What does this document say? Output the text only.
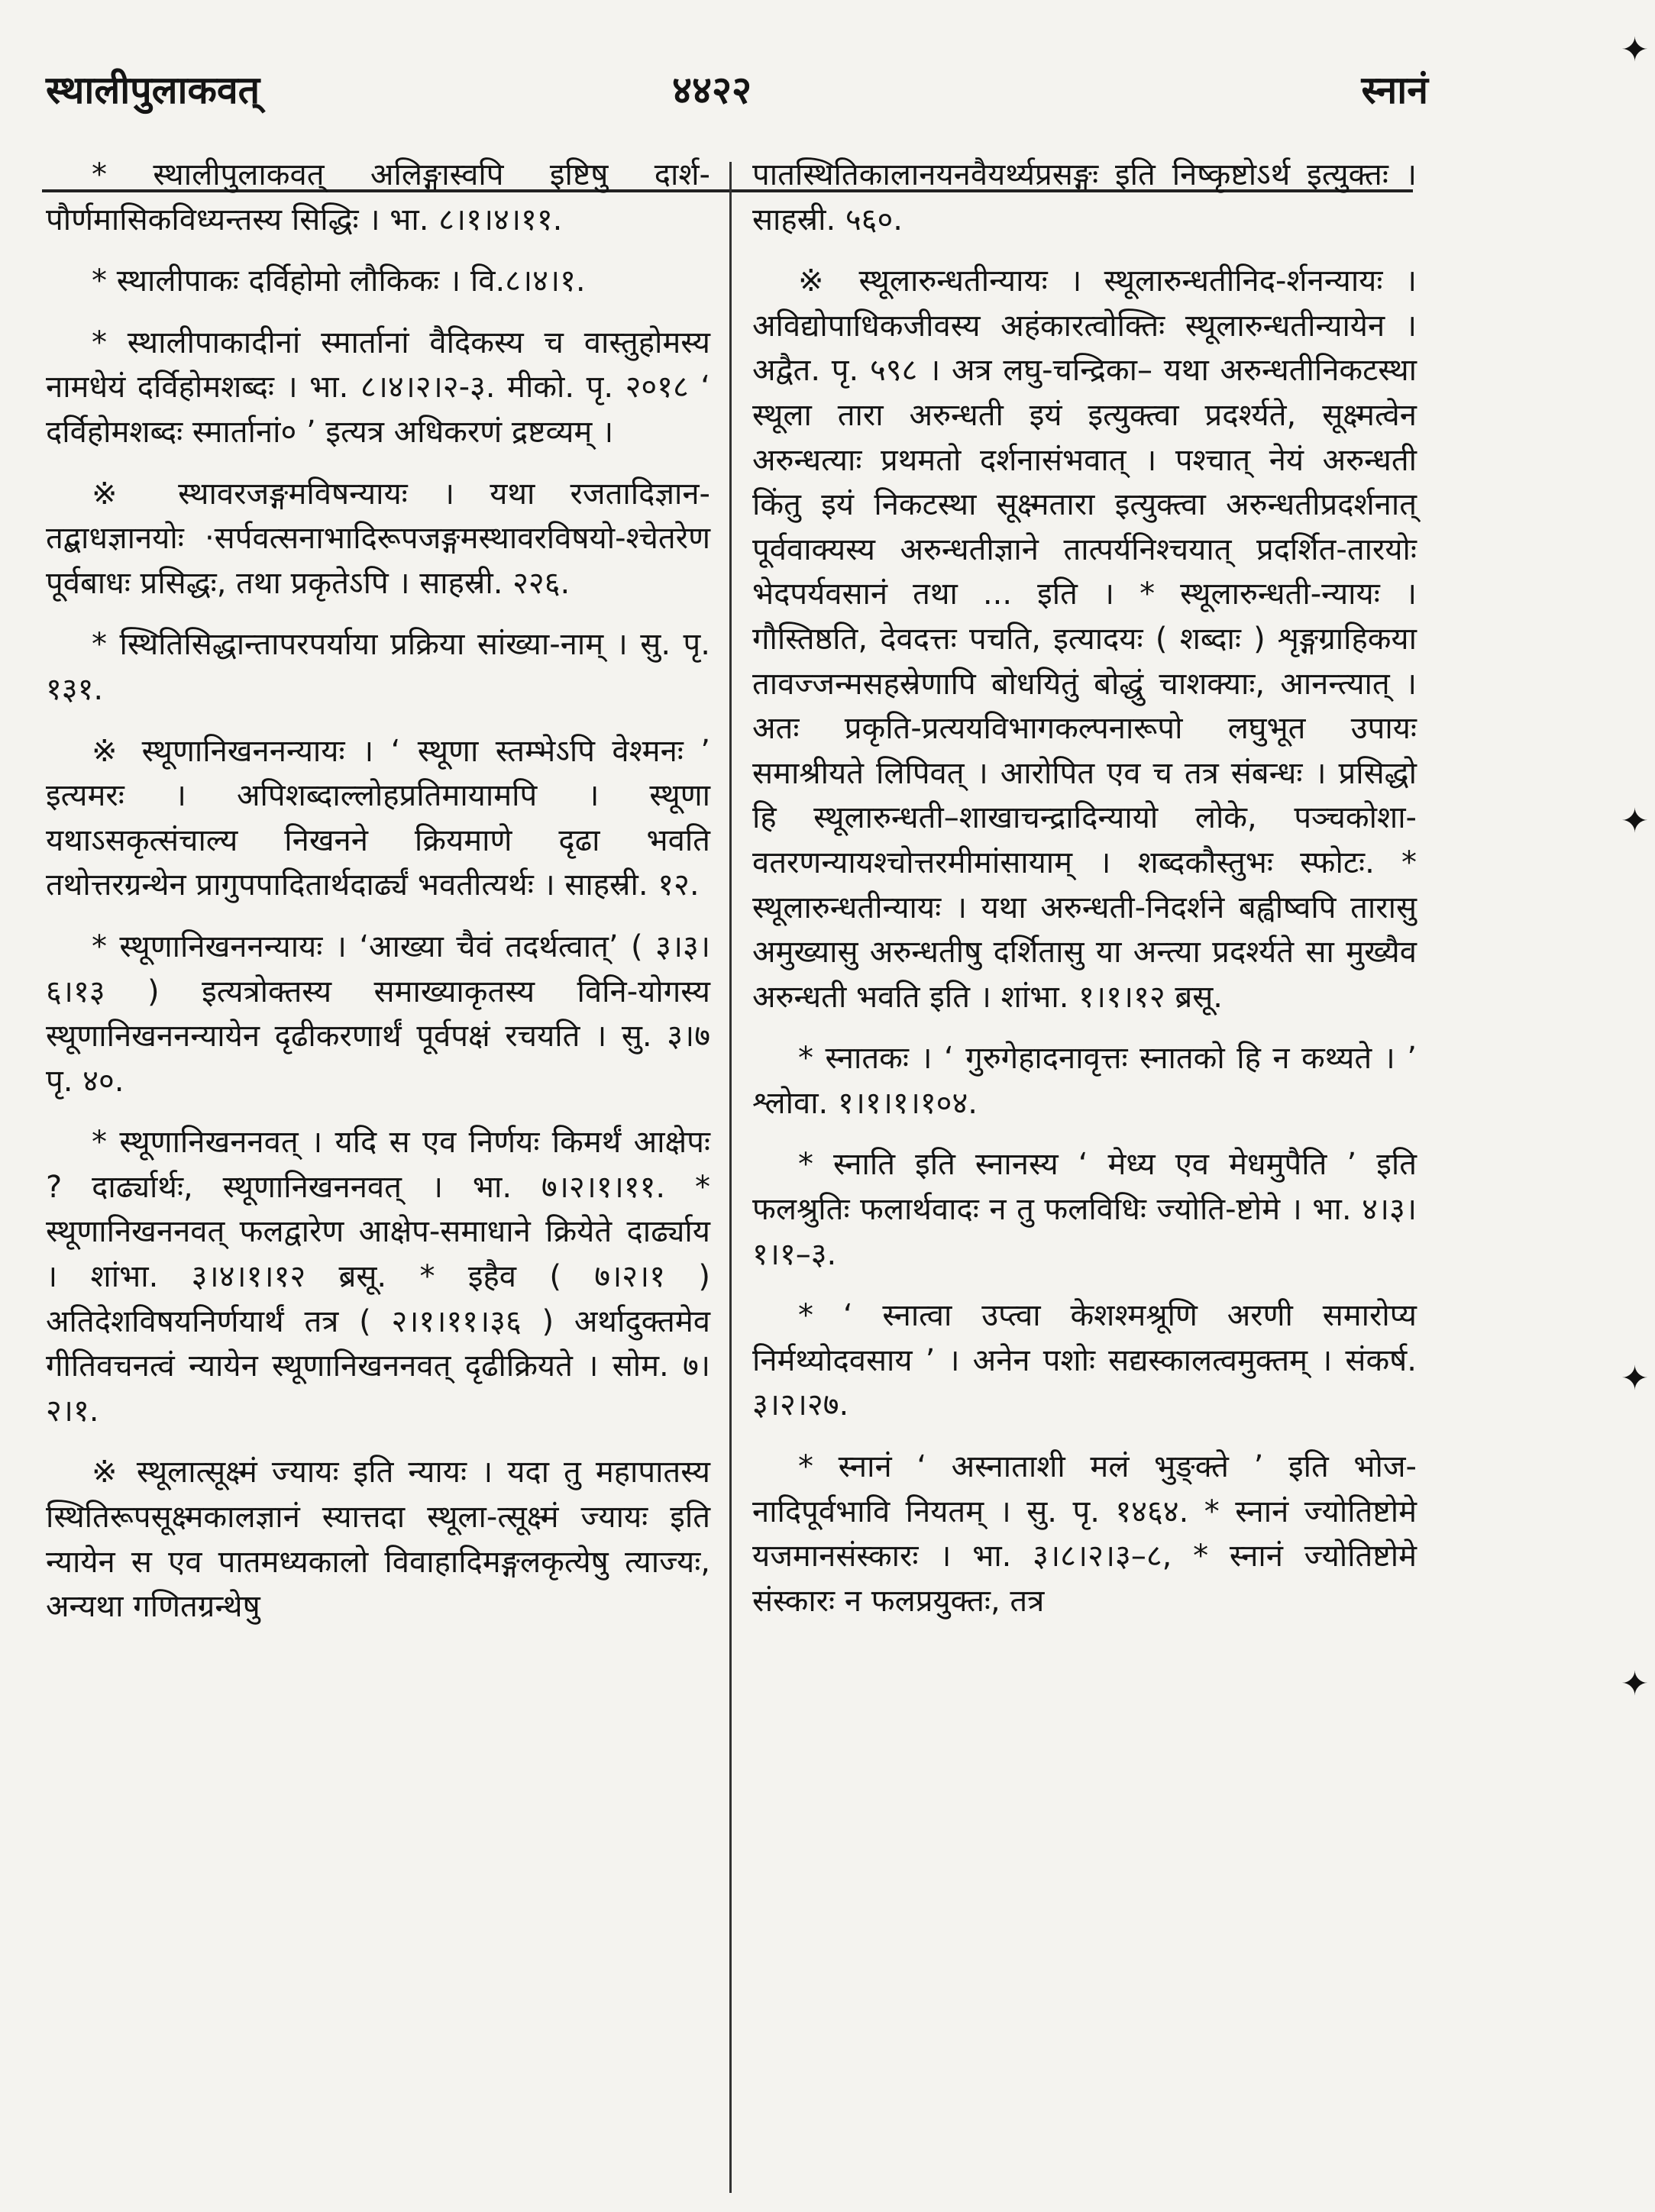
स्थालीपुलाकवत्	४४२२	स्नानं

* स्थालीपुलाकवत् अलिङ्गास्वपि इष्टिषु दार्श-पौर्णमासिकविध्यन्तस्य सिद्धिः । भा. ८।१।४।११.

* स्थालीपाकः दर्विहोमो लौकिकः । वि.८।४।१.

* स्थालीपाकादीनां स्मार्तानां वैदिकस्य च वास्तुहोमस्य नामधेयं दर्विहोमशब्दः । भा. ८।४।२।२-३. मीको. पृ. २०१८ ‘ दर्विहोमशब्दः स्मार्तानां० ’ इत्यत्र अधिकरणं द्रष्टव्यम् ।

※ स्थावरजङ्गमविषन्यायः । यथा रजतादिज्ञान-तद्बाधज्ञानयोः ·सर्पवत्सनाभादिरूपजङ्गमस्थावरविषयो-श्चेतरेण पूर्वबाधः प्रसिद्धः, तथा प्रकृतेऽपि । साहस्री. २२६.

* स्थितिसिद्धान्तापरपर्याया प्रक्रिया सांख्या-नाम् । सु. पृ. १३१.

※ स्थूणानिखननन्यायः । ‘ स्थूणा स्तम्भेऽपि वेश्मनः ’ इत्यमरः । अपिशब्दाल्लोहप्रतिमायामपि । स्थूणा यथाऽसकृत्संचाल्य निखनने क्रियमाणे दृढा भवति तथोत्तरग्रन्थेन प्रागुपपादितार्थदार्ढ्यं भवतीत्यर्थः । साहस्री. १२.

* स्थूणानिखननन्यायः । ‘आख्या चैवं तदर्थत्वात्’ ( ३।३।६।१३ ) इत्यत्रोक्तस्य समाख्याकृतस्य विनि-योगस्य स्थूणानिखननन्यायेन दृढीकरणार्थं पूर्वपक्षं रचयति । सु. ३।७ पृ. ४०.

* स्थूणानिखननवत् । यदि स एव निर्णयः किमर्थं आक्षेपः ? दार्ढ्यार्थः, स्थूणानिखननवत् । भा. ७।२।१।११. * स्थूणानिखननवत् फलद्वारेण आक्षेप-समाधाने क्रियेते दार्ढ्याय । शांभा. ३।४।१।१२ ब्रसू. * इहैव ( ७।२।१ ) अतिदेशविषयनिर्णयार्थं तत्र ( २।१।११।३६ ) अर्थादुक्तमेव गीतिवचनत्वं न्यायेन स्थूणानिखननवत् दृढीक्रियते । सोम. ७।२।१.

※ स्थूलात्सूक्ष्मं ज्यायः इति न्यायः । यदा तु महापातस्य स्थितिरूपसूक्ष्मकालज्ञानं स्यात्तदा स्थूला-त्सूक्ष्मं ज्यायः इति न्यायेन स एव पातमध्यकालो विवाहादिमङ्गलकृत्येषु त्याज्यः, अन्यथा गणितग्रन्थेषु

पातस्थितिकालानयनवैयर्थ्यप्रसङ्गः इति निष्कृष्टोऽर्थ इत्युक्तः । साहस्री. ५६०.

※ स्थूलारुन्धतीन्यायः । स्थूलारुन्धतीनिद-र्शनन्यायः । अविद्योपाधिकजीवस्य अहंकारत्वोक्तिः स्थूलारुन्धतीन्यायेन । अद्वैत. पृ. ५९८ । अत्र लघु-चन्द्रिका– यथा अरुन्धतीनिकटस्था स्थूला तारा अरुन्धती इयं इत्युक्त्वा प्रदर्श्यते, सूक्ष्मत्वेन अरुन्धत्याः प्रथमतो दर्शनासंभवात् । पश्चात् नेयं अरुन्धती किंतु इयं निकटस्था सूक्ष्मतारा इत्युक्त्वा अरुन्धतीप्रदर्शनात् पूर्ववाक्यस्य अरुन्धतीज्ञाने तात्पर्यनिश्चयात् प्रदर्शित-तारयोः भेदपर्यवसानं तथा ... इति । * स्थूलारुन्धती-न्यायः । गौस्तिष्ठति, देवदत्तः पचति, इत्यादयः ( शब्दाः ) शृङ्गग्राहिकया तावज्जन्मसहस्रेणापि बोधयितुं बोद्धुं चाशक्याः, आनन्त्यात् । अतः प्रकृति-प्रत्ययविभागकल्पनारूपो लघुभूत उपायः समाश्रीयते लिपिवत् । आरोपित एव च तत्र संबन्धः । प्रसिद्धो हि स्थूलारुन्धती–शाखाचन्द्रादिन्यायो लोके, पञ्चकोशा-वतरणन्यायश्चोत्तरमीमांसायाम् । शब्दकौस्तुभः स्फोटः. * स्थूलारुन्धतीन्यायः । यथा अरुन्धती-निदर्शने बह्वीष्वपि तारासु अमुख्यासु अरुन्धतीषु दर्शितासु या अन्त्या प्रदर्श्यते सा मुख्यैव अरुन्धती भवति इति । शांभा. १।१।१२ ब्रसू.

* स्नातकः । ‘ गुरुगेहादनावृत्तः स्नातको हि न कथ्यते । ’ श्लोवा. १।१।१।१०४.

* स्नाति इति स्नानस्य ‘ मेध्य एव मेधमुपैति ’ इति फलश्रुतिः फलार्थवादः न तु फलविधिः ज्योति-ष्टोमे । भा. ४।३।१।१–३.

* ‘ स्नात्वा उप्त्वा केशश्मश्रूणि अरणी समारोप्य निर्मथ्योदवसाय ’ । अनेन पशोः सद्यस्कालत्वमुक्तम् । संकर्ष. ३।२।२७.

* स्नानं ‘ अस्नाताशी मलं भुङ्क्ते ’ इति भोज-नादिपूर्वभावि नियतम् । सु. पृ. १४६४. * स्नानं ज्योतिष्टोमे यजमानसंस्कारः । भा. ३।८।२।३–८, * स्नानं ज्योतिष्टोमे संस्कारः न फलप्रयुक्तः, तत्र

✦
✦
✦
✦
